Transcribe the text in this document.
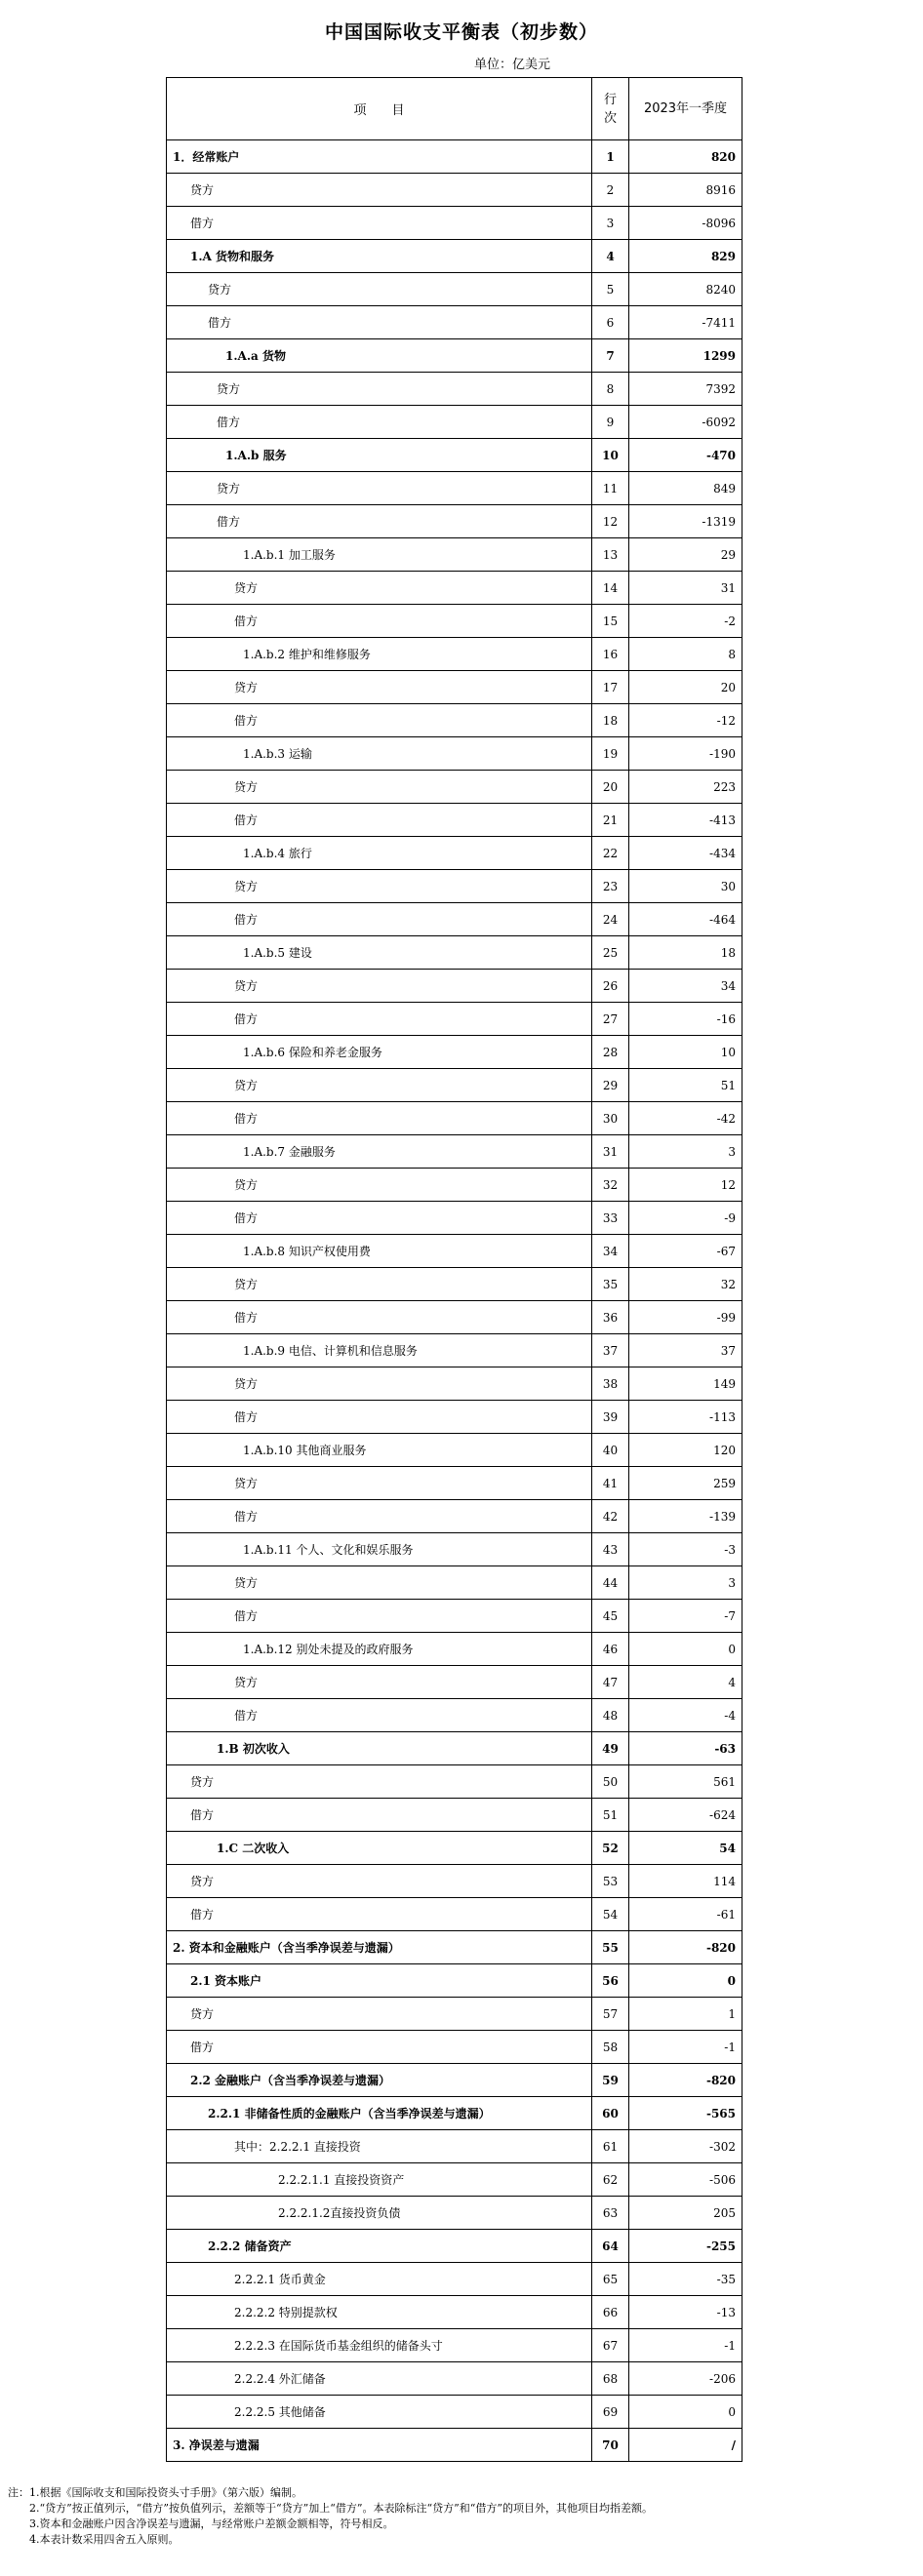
中国国际收支平衡表（初步数）
单位：亿美元
项目	行
次	2023年一季度
1．经常账户	1	820
贷方	2	8916
借方	3	-8096
1.A 货物和服务	4	829
贷方	5	8240
借方	6	-7411
1.A.a 货物	7	1299
贷方	8	7392
借方	9	-6092
1.A.b 服务	10	-470
贷方	11	849
借方	12	-1319
1.A.b.1 加工服务	13	29
贷方	14	31
借方	15	-2
1.A.b.2 维护和维修服务	16	8
贷方	17	20
借方	18	-12
1.A.b.3 运输	19	-190
贷方	20	223
借方	21	-413
1.A.b.4 旅行	22	-434
贷方	23	30
借方	24	-464
1.A.b.5 建设	25	18
贷方	26	34
借方	27	-16
1.A.b.6 保险和养老金服务	28	10
贷方	29	51
借方	30	-42
1.A.b.7 金融服务	31	3
贷方	32	12
借方	33	-9
1.A.b.8 知识产权使用费	34	-67
贷方	35	32
借方	36	-99
1.A.b.9 电信、计算机和信息服务	37	37
贷方	38	149
借方	39	-113
1.A.b.10 其他商业服务	40	120
贷方	41	259
借方	42	-139
1.A.b.11 个人、文化和娱乐服务	43	-3
贷方	44	3
借方	45	-7
1.A.b.12 别处未提及的政府服务	46	0
贷方	47	4
借方	48	-4
1.B 初次收入	49	-63
贷方	50	561
借方	51	-624
1.C 二次收入	52	54
贷方	53	114
借方	54	-61
2. 资本和金融账户（含当季净误差与遗漏）	55	-820
2.1 资本账户	56	0
贷方	57	1
借方	58	-1
2.2 金融账户（含当季净误差与遗漏）	59	-820
2.2.1 非储备性质的金融账户（含当季净误差与遗漏）	60	-565
其中：2.2.2.1 直接投资	61	-302
2.2.2.1.1 直接投资资产	62	-506
2.2.2.1.2直接投资负债	63	205
2.2.2 储备资产	64	-255
2.2.2.1 货币黄金	65	-35
2.2.2.2 特别提款权	66	-13
2.2.2.3 在国际货币基金组织的储备头寸	67	-1
2.2.2.4 外汇储备	68	-206
2.2.2.5 其他储备	69	0
3. 净误差与遗漏	70	/
注：1.根据《国际收支和国际投资头寸手册》（第六版）编制。
　　2.“贷方”按正值列示，“借方”按负值列示，差额等于“贷方”加上“借方”。本表除标注“贷方”和“借方”的项目外，其他项目均指差额。
　　3.资本和金融账户因含净误差与遗漏，与经常账户差额金额相等，符号相反。
　　4.本表计数采用四舍五入原则。
